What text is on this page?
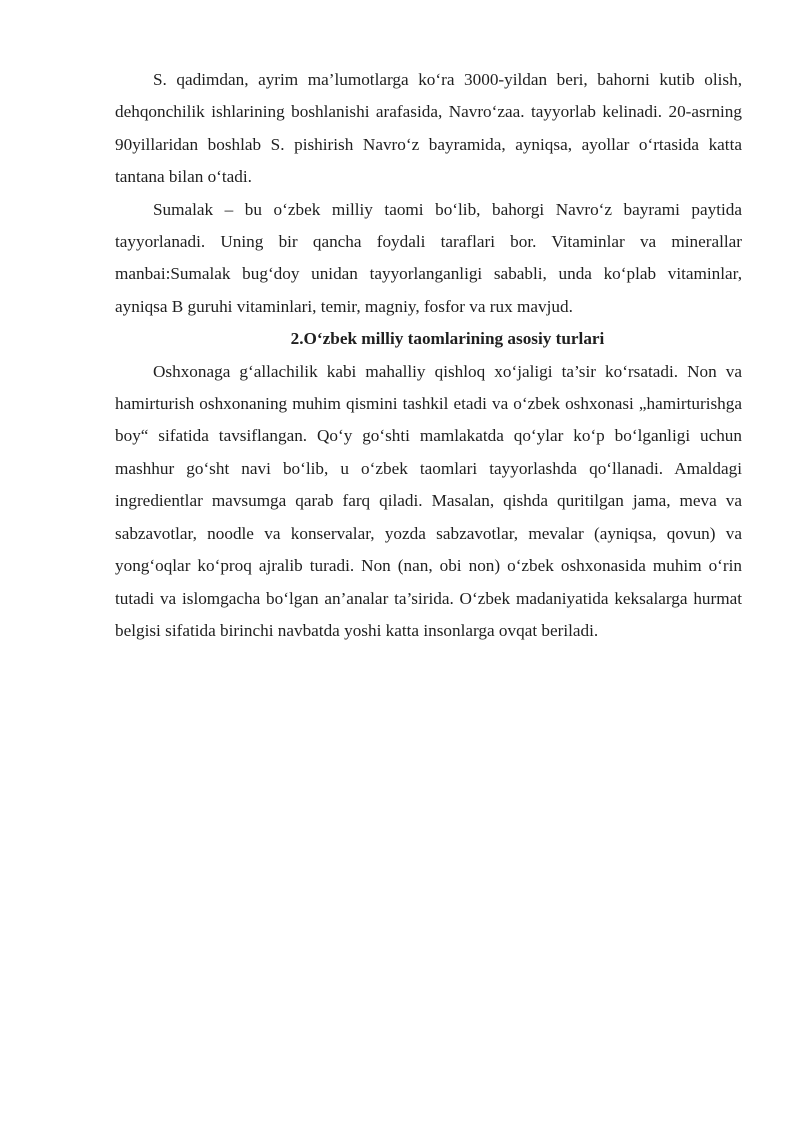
S. qadimdan, ayrim ma’lumotlarga ko‘ra 3000-yildan beri, bahorni kutib olish, dehqonchilik ishlarining boshlanishi arafasida, Navro‘zaa. tayyorlab kelinadi. 20-asrning 90yillaridan boshlab S. pishirish Navro‘z bayramida, ayniqsa, ayollar o‘rtasida katta tantana bilan o‘tadi.

Sumalak – bu o‘zbek milliy taomi bo‘lib, bahorgi Navro‘z bayrami paytida tayyorlanadi. Uning bir qancha foydali taraflari bor. Vitaminlar va minerallar manbai:Sumalak bug‘doy unidan tayyorlanganligi sababli, unda ko‘plab vitaminlar, ayniqsa B guruhi vitaminlari, temir, magniy, fosfor va rux mavjud.

2.O‘zbek milliy taomlarining asosiy turlari

Oshxonaga g‘allachilik kabi mahalliy qishloq xo‘jaligi ta’sir ko‘rsatadi. Non va hamirturish oshxonaning muhim qismini tashkil etadi va o‘zbek oshxonasi „hamirturishga boy“ sifatida tavsiflangan. Qo‘y go‘shti mamlakatda qo‘ylar ko‘p bo‘lganligi uchun mashhur go‘sht navi bo‘lib, u o‘zbek taomlari tayyorlashda qo‘llanadi. Amaldagi ingredientlar mavsumga qarab farq qiladi. Masalan, qishda quritilgan jama, meva va sabzavotlar, noodle va konservalar, yozda sabzavotlar, mevalar (ayniqsa, qovun) va yong‘oqlar ko‘proq ajralib turadi. Non (nan, obi non) o‘zbek oshxonasida muhim o‘rin tutadi va islomgacha bo‘lgan an’analar ta’sirida. O‘zbek madaniyatida keksalarga hurmat belgisi sifatida birinchi navbatda yoshi katta insonlarga ovqat beriladi.
